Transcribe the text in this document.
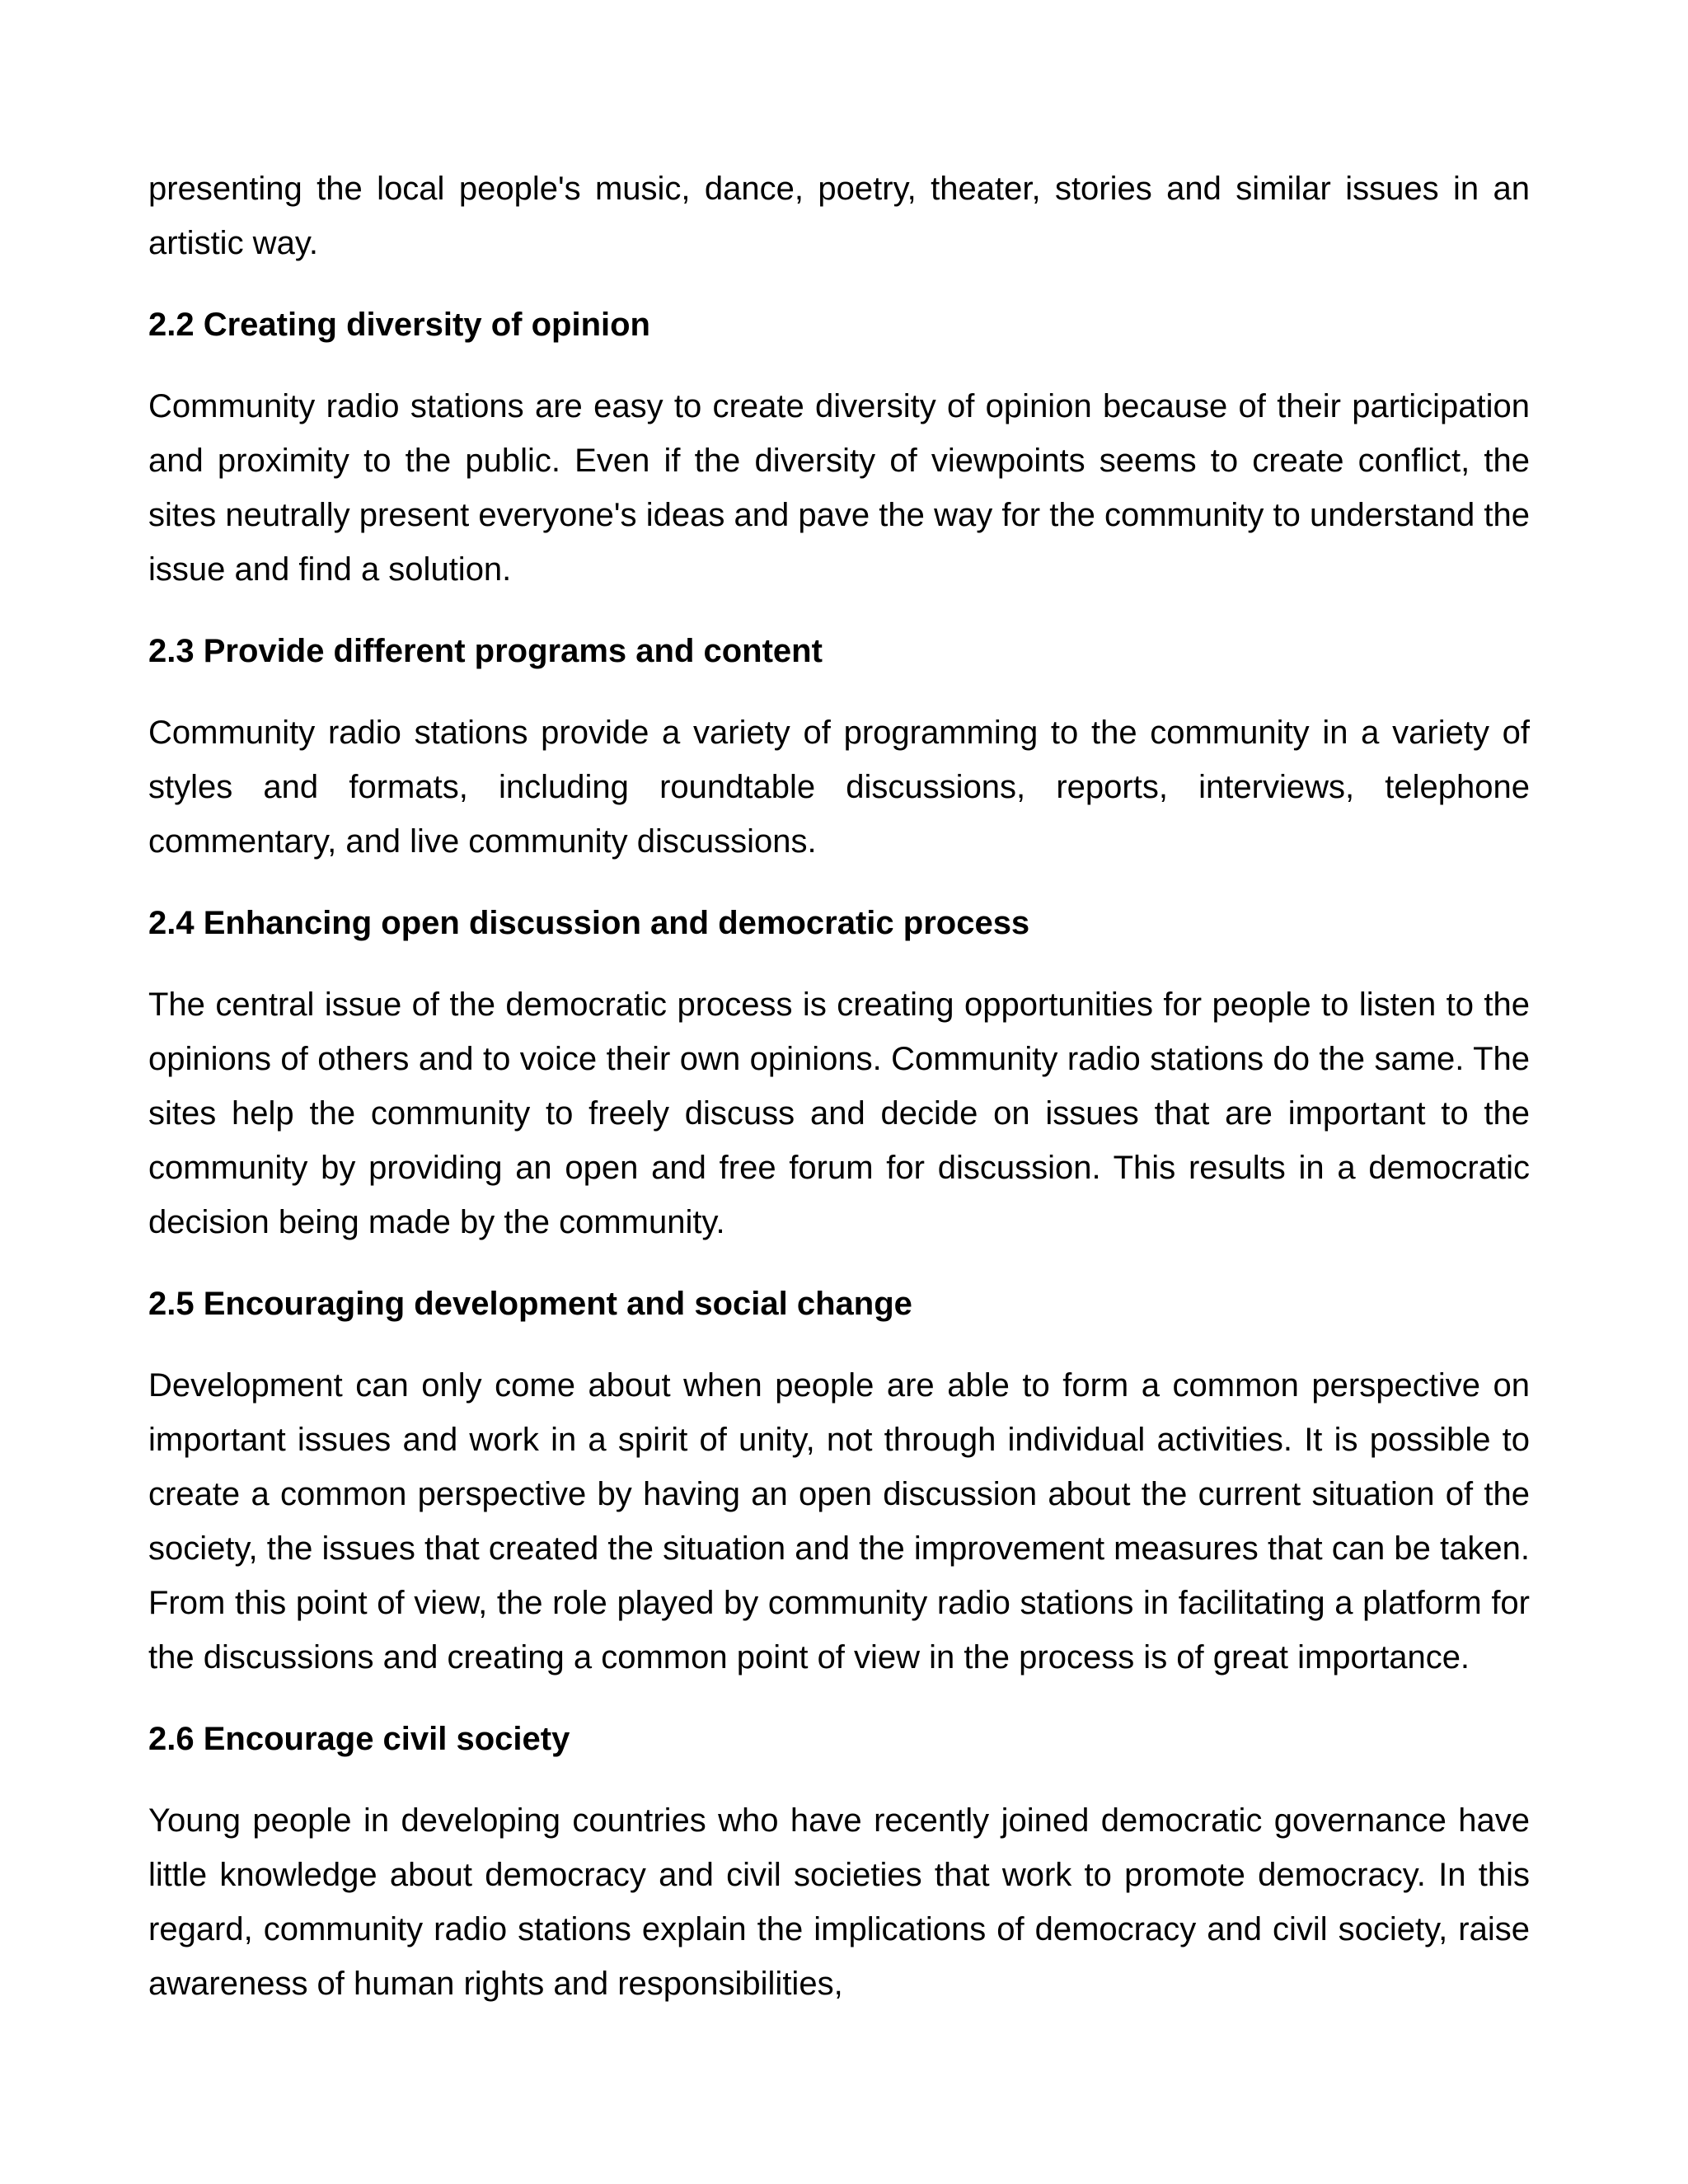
presenting the local people's music, dance, poetry, theater, stories and similar issues in an artistic way.

2.2 Creating diversity of opinion

Community radio stations are easy to create diversity of opinion because of their participation and proximity to the public. Even if the diversity of viewpoints seems to create conflict, the sites neutrally present everyone's ideas and pave the way for the community to understand the issue and find a solution.

2.3 Provide different programs and content

Community radio stations provide a variety of programming to the community in a variety of styles and formats, including roundtable discussions, reports, interviews, telephone commentary, and live community discussions.

2.4 Enhancing open discussion and democratic process

The central issue of the democratic process is creating opportunities for people to listen to the opinions of others and to voice their own opinions. Community radio stations do the same. The sites help the community to freely discuss and decide on issues that are important to the community by providing an open and free forum for discussion. This results in a democratic decision being made by the community.

2.5 Encouraging development and social change

Development can only come about when people are able to form a common perspective on important issues and work in a spirit of unity, not through individual activities. It is possible to create a common perspective by having an open discussion about the current situation of the society, the issues that created the situation and the improvement measures that can be taken. From this point of view, the role played by community radio stations in facilitating a platform for the discussions and creating a common point of view in the process is of great importance.

2.6 Encourage civil society

Young people in developing countries who have recently joined democratic governance have little knowledge about democracy and civil societies that work to promote democracy. In this regard, community radio stations explain the implications of democracy and civil society, raise awareness of human rights and responsibilities,
